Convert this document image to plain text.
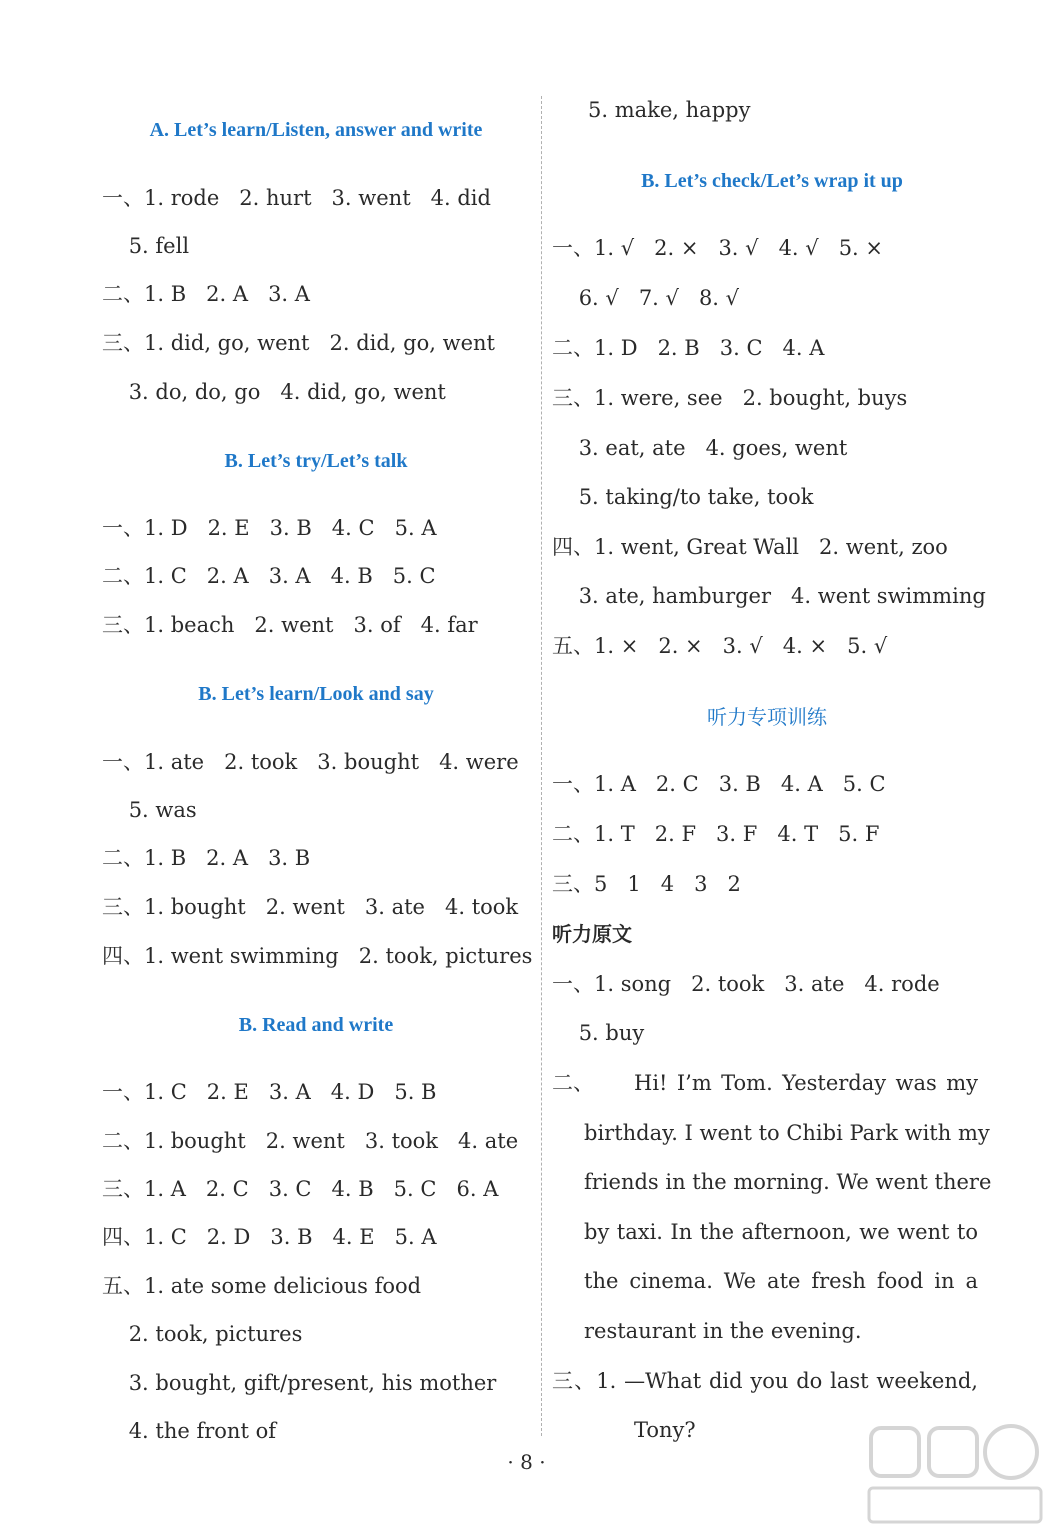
A. Let’s learn/Listen, answer and write
一、1. rode   2. hurt   3. went   4. did
5. fell
二、1. B   2. A   3. A
三、1. did, go, went   2. did, go, went
3. do, do, go   4. did, go, went
B. Let’s try/Let’s talk
一、1. D   2. E   3. B   4. C   5. A
二、1. C   2. A   3. A   4. B   5. C
三、1. beach   2. went   3. of   4. far
B. Let’s learn/Look and say
一、1. ate   2. took   3. bought   4. were
5. was
二、1. B   2. A   3. B
三、1. bought   2. went   3. ate   4. took
四、1. went swimming   2. took, pictures
B. Read and write
一、1. C   2. E   3. A   4. D   5. B
二、1. bought   2. went   3. took   4. ate
三、1. A   2. C   3. C   4. B   5. C   6. A
四、1. C   2. D   3. B   4. E   5. A
五、1. ate some delicious food
2. took, pictures
3. bought, gift/present, his mother
4. the front of
5. make, happy
B. Let’s check/Let’s wrap it up
一、1. √   2. ×   3. √   4. √   5. ×
6. √   7. √   8. √
二、1. D   2. B   3. C   4. A
三、1. were, see   2. bought, buys
3. eat, ate   4. goes, went
5. taking/to take, took
四、1. went, Great Wall   2. went, zoo
3. ate, hamburger   4. went swimming
五、1. ×   2. ×   3. √   4. ×   5. √
听力专项训练
一、1. A   2. C   3. B   4. A   5. C
二、1. T   2. F   3. F   4. T   5. F
三、5   1   4   3   2
听力原文
一、1. song   2. took   3. ate   4. rode
5. buy
二、 Hi! I’m Tom. Yesterday was my
birthday. I went to Chibi Park with my
friends in the morning. We went there
by taxi. In the afternoon, we went to
the cinema. We ate fresh food in a
restaurant in the evening.
三、1. —What did you do last weekend,
Tony?
· 8 ·
